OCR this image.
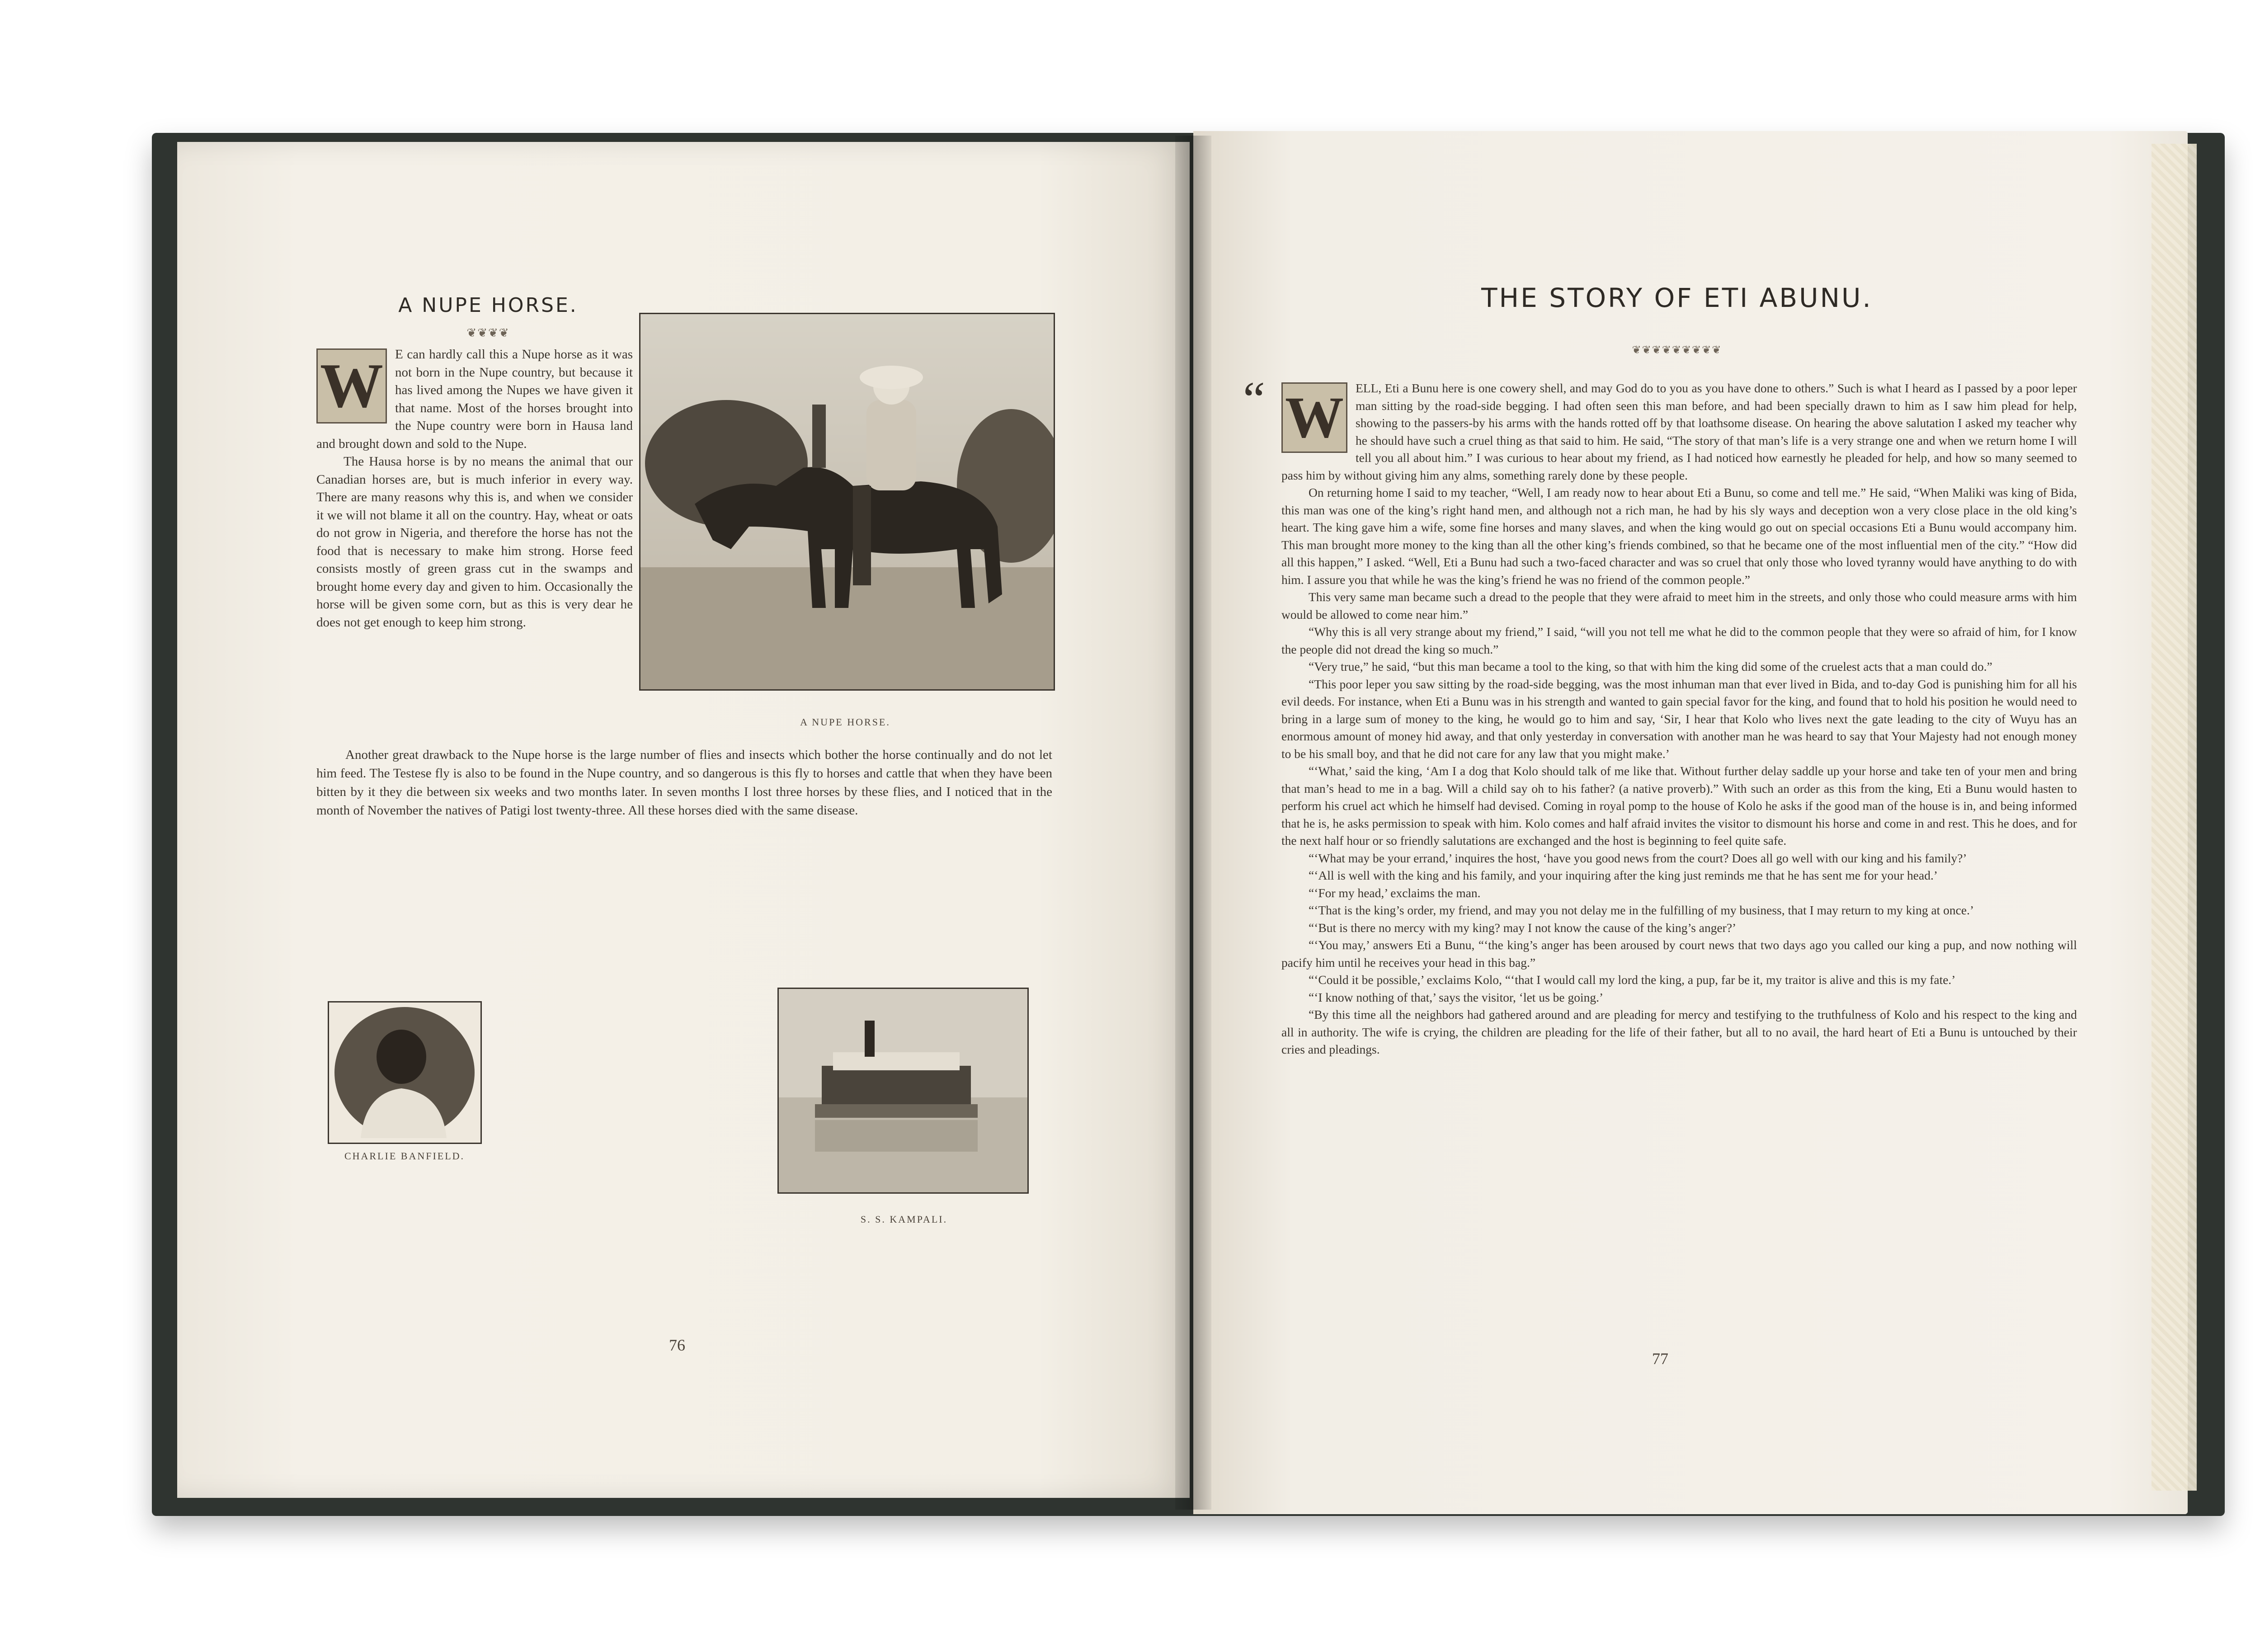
A NUPE HORSE.
❦❦❦❦
W E can hardly call this a Nupe horse as it was not born in the Nupe country, but because it has lived among the Nupes we have given it that name. Most of the horses brought into the Nupe country were born in Hausa land and brought down and sold to the Nupe.

The Hausa horse is by no means the animal that our Canadian horses are, but is much inferior in every way. There are many reasons why this is, and when we consider it we will not blame it all on the country. Hay, wheat or oats do not grow in Nigeria, and therefore the horse has not the food that is necessary to make him strong. Horse feed consists mostly of green grass cut in the swamps and brought home every day and given to him. Occasionally the horse will be given some corn, but as this is very dear he does not get enough to keep him strong.

A NUPE HORSE.
Another great drawback to the Nupe horse is the large number of flies and insects which bother the horse continually and do not let him feed. The Testese fly is also to be found in the Nupe country, and so dangerous is this fly to horses and cattle that when they have been bitten by it they die between six weeks and two months later. In seven months I lost three horses by these flies, and I noticed that in the month of November the natives of Patigi lost twenty-three. All these horses died with the same disease.
CHARLIE BANFIELD.
S. S. KAMPALI.
76
THE STORY OF ETI ABUNU.
❦❦❦❦❦❦❦❦❦
“ W ELL, Eti a Bunu here is one cowery shell, and may God do to you as you have done to others.” Such is what I heard as I passed by a poor leper man sitting by the road-side begging. I had often seen this man before, and had been specially drawn to him as I saw him plead for help, showing to the passers-by his arms with the hands rotted off by that loathsome disease. On hearing the above salutation I asked my teacher why he should have such a cruel thing as that said to him. He said, “The story of that man’s life is a very strange one and when we return home I will tell you all about him.” I was curious to hear about my friend, as I had noticed how earnestly he pleaded for help, and how so many seemed to pass him by without giving him any alms, something rarely done by these people.

On returning home I said to my teacher, “Well, I am ready now to hear about Eti a Bunu, so come and tell me.” He said, “When Maliki was king of Bida, this man was one of the king’s right hand men, and although not a rich man, he had by his sly ways and deception won a very close place in the old king’s heart. The king gave him a wife, some fine horses and many slaves, and when the king would go out on special occasions Eti a Bunu would accompany him. This man brought more money to the king than all the other king’s friends combined, so that he became one of the most influential men of the city.” “How did all this happen,” I asked. “Well, Eti a Bunu had such a two-faced character and was so cruel that only those who loved tyranny would have anything to do with him. I assure you that while he was the king’s friend he was no friend of the common people.”

This very same man became such a dread to the people that they were afraid to meet him in the streets, and only those who could measure arms with him would be allowed to come near him.”

“Why this is all very strange about my friend,” I said, “will you not tell me what he did to the common people that they were so afraid of him, for I know the people did not dread the king so much.”

“Very true,” he said, “but this man became a tool to the king, so that with him the king did some of the cruelest acts that a man could do.”

“This poor leper you saw sitting by the road-side begging, was the most inhuman man that ever lived in Bida, and to-day God is punishing him for all his evil deeds. For instance, when Eti a Bunu was in his strength and wanted to gain special favor for the king, and found that to hold his position he would need to bring in a large sum of money to the king, he would go to him and say, ‘Sir, I hear that Kolo who lives next the gate leading to the city of Wuyu has an enormous amount of money hid away, and that only yesterday in conversation with another man he was heard to say that Your Majesty had not enough money to be his small boy, and that he did not care for any law that you might make.’

“‘What,’ said the king, ‘Am I a dog that Kolo should talk of me like that. Without further delay saddle up your horse and take ten of your men and bring that man’s head to me in a bag. Will a child say oh to his father? (a native proverb).” With such an order as this from the king, Eti a Bunu would hasten to perform his cruel act which he himself had devised. Coming in royal pomp to the house of Kolo he asks if the good man of the house is in, and being informed that he is, he asks permission to speak with him. Kolo comes and half afraid invites the visitor to dismount his horse and come in and rest. This he does, and for the next half hour or so friendly salutations are exchanged and the host is beginning to feel quite safe.

“‘What may be your errand,’ inquires the host, ‘have you good news from the court? Does all go well with our king and his family?’

“‘All is well with the king and his family, and your inquiring after the king just reminds me that he has sent me for your head.’

“‘For my head,’ exclaims the man.

“‘That is the king’s order, my friend, and may you not delay me in the fulfilling of my business, that I may return to my king at once.’

“‘But is there no mercy with my king? may I not know the cause of the king’s anger?’

“‘You may,’ answers Eti a Bunu, “‘the king’s anger has been aroused by court news that two days ago you called our king a pup, and now nothing will pacify him until he receives your head in this bag.”

“‘Could it be possible,’ exclaims Kolo, “‘that I would call my lord the king, a pup, far be it, my traitor is alive and this is my fate.’

“‘I know nothing of that,’ says the visitor, ‘let us be going.’

“By this time all the neighbors had gathered around and are pleading for mercy and testifying to the truthfulness of Kolo and his respect to the king and all in authority. The wife is crying, the children are pleading for the life of their father, but all to no avail, the hard heart of Eti a Bunu is untouched by their cries and pleadings.

77
